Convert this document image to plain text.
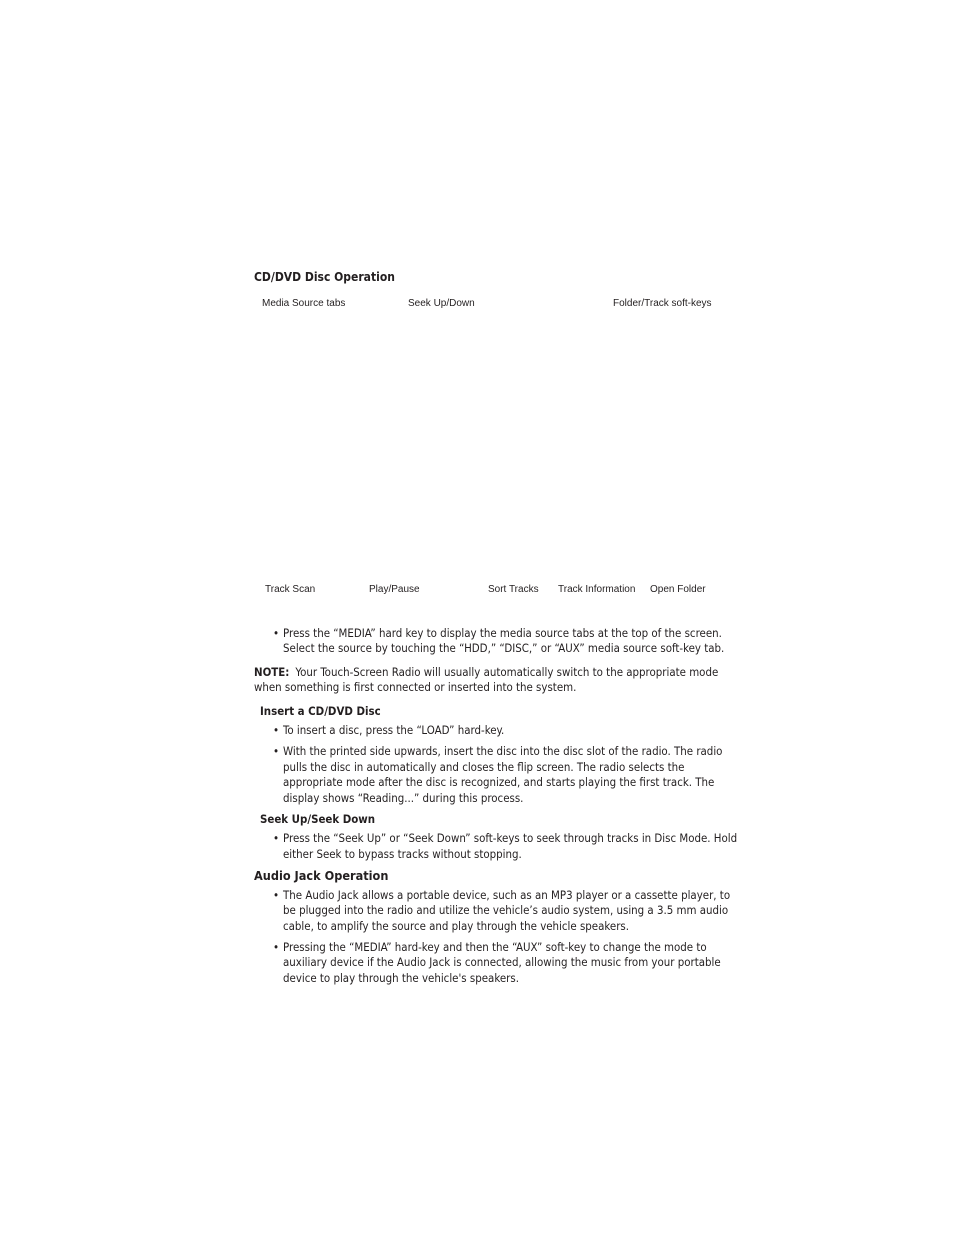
CD/DVD Disc Operation
Media Source tabs	Seek Up/Down	Folder/Track soft-keys
Track Scan	Play/Pause	Sort Tracks Track Information Open Folder

• Press the “MEDIA” hard key to display the media source tabs at the top of the screen. Select the source by touching the “HDD,” “DISC,” or “AUX” media source soft-key tab.

NOTE: Your Touch-Screen Radio will usually automatically switch to the appropriate mode when something is first connected or inserted into the system.

Insert a CD/DVD Disc

• To insert a disc, press the “LOAD” hard-key.

• With the printed side upwards, insert the disc into the disc slot of the radio. The radio pulls the disc in automatically and closes the flip screen. The radio selects the appropriate mode after the disc is recognized, and starts playing the first track. The display shows “Reading...” during this process.

Seek Up/Seek Down

• Press the “Seek Up” or “Seek Down” soft-keys to seek through tracks in Disc Mode. Hold either Seek to bypass tracks without stopping.

Audio Jack Operation

• The Audio Jack allows a portable device, such as an MP3 player or a cassette player, to be plugged into the radio and utilize the vehicle’s audio system, using a 3.5 mm audio cable, to amplify the source and play through the vehicle speakers.

• Pressing the “MEDIA” hard-key and then the “AUX” soft-key to change the mode to auxiliary device if the Audio Jack is connected, allowing the music from your portable device to play through the vehicle's speakers.
